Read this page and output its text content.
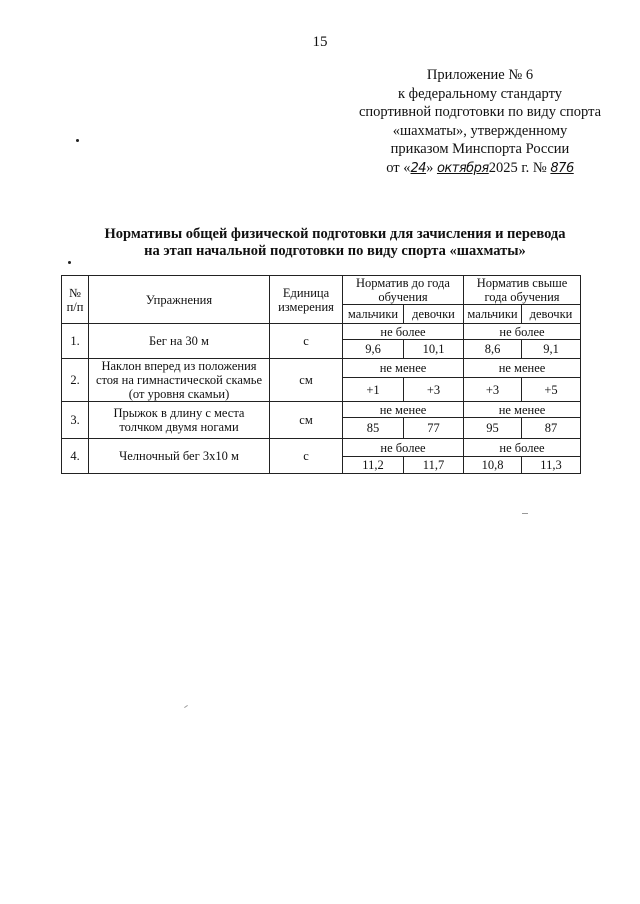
15
Приложение № 6
к федеральному стандарту
спортивной подготовки по виду спорта
«шахматы», утвержденному
приказом Минспорта России
от «24» октября2025 г. № 876
Нормативы общей физической подготовки для зачисления и перевода
на этап начальной подготовки по виду спорта «шахматы»
№ п/п	Упражнения	Единица измерения	Норматив до года обучения		Норматив свыше года обучения	
			мальчики	девочки	мальчики	девочки
1.	Бег на 30 м	с	не более		не более	
			9,6	10,1	8,6	9,1
2.	Наклон вперед из положения стоя на гимнастической скамье (от уровня скамьи)	см	не менее		не менее	
			+1	+3	+3	+5
3.	Прыжок в длину с места толчком двумя ногами	см	не менее		не менее	
			85	77	95	87
4.	Челночный бег 3х10 м	с	не более		не более	
			11,2	11,7	10,8	11,3
